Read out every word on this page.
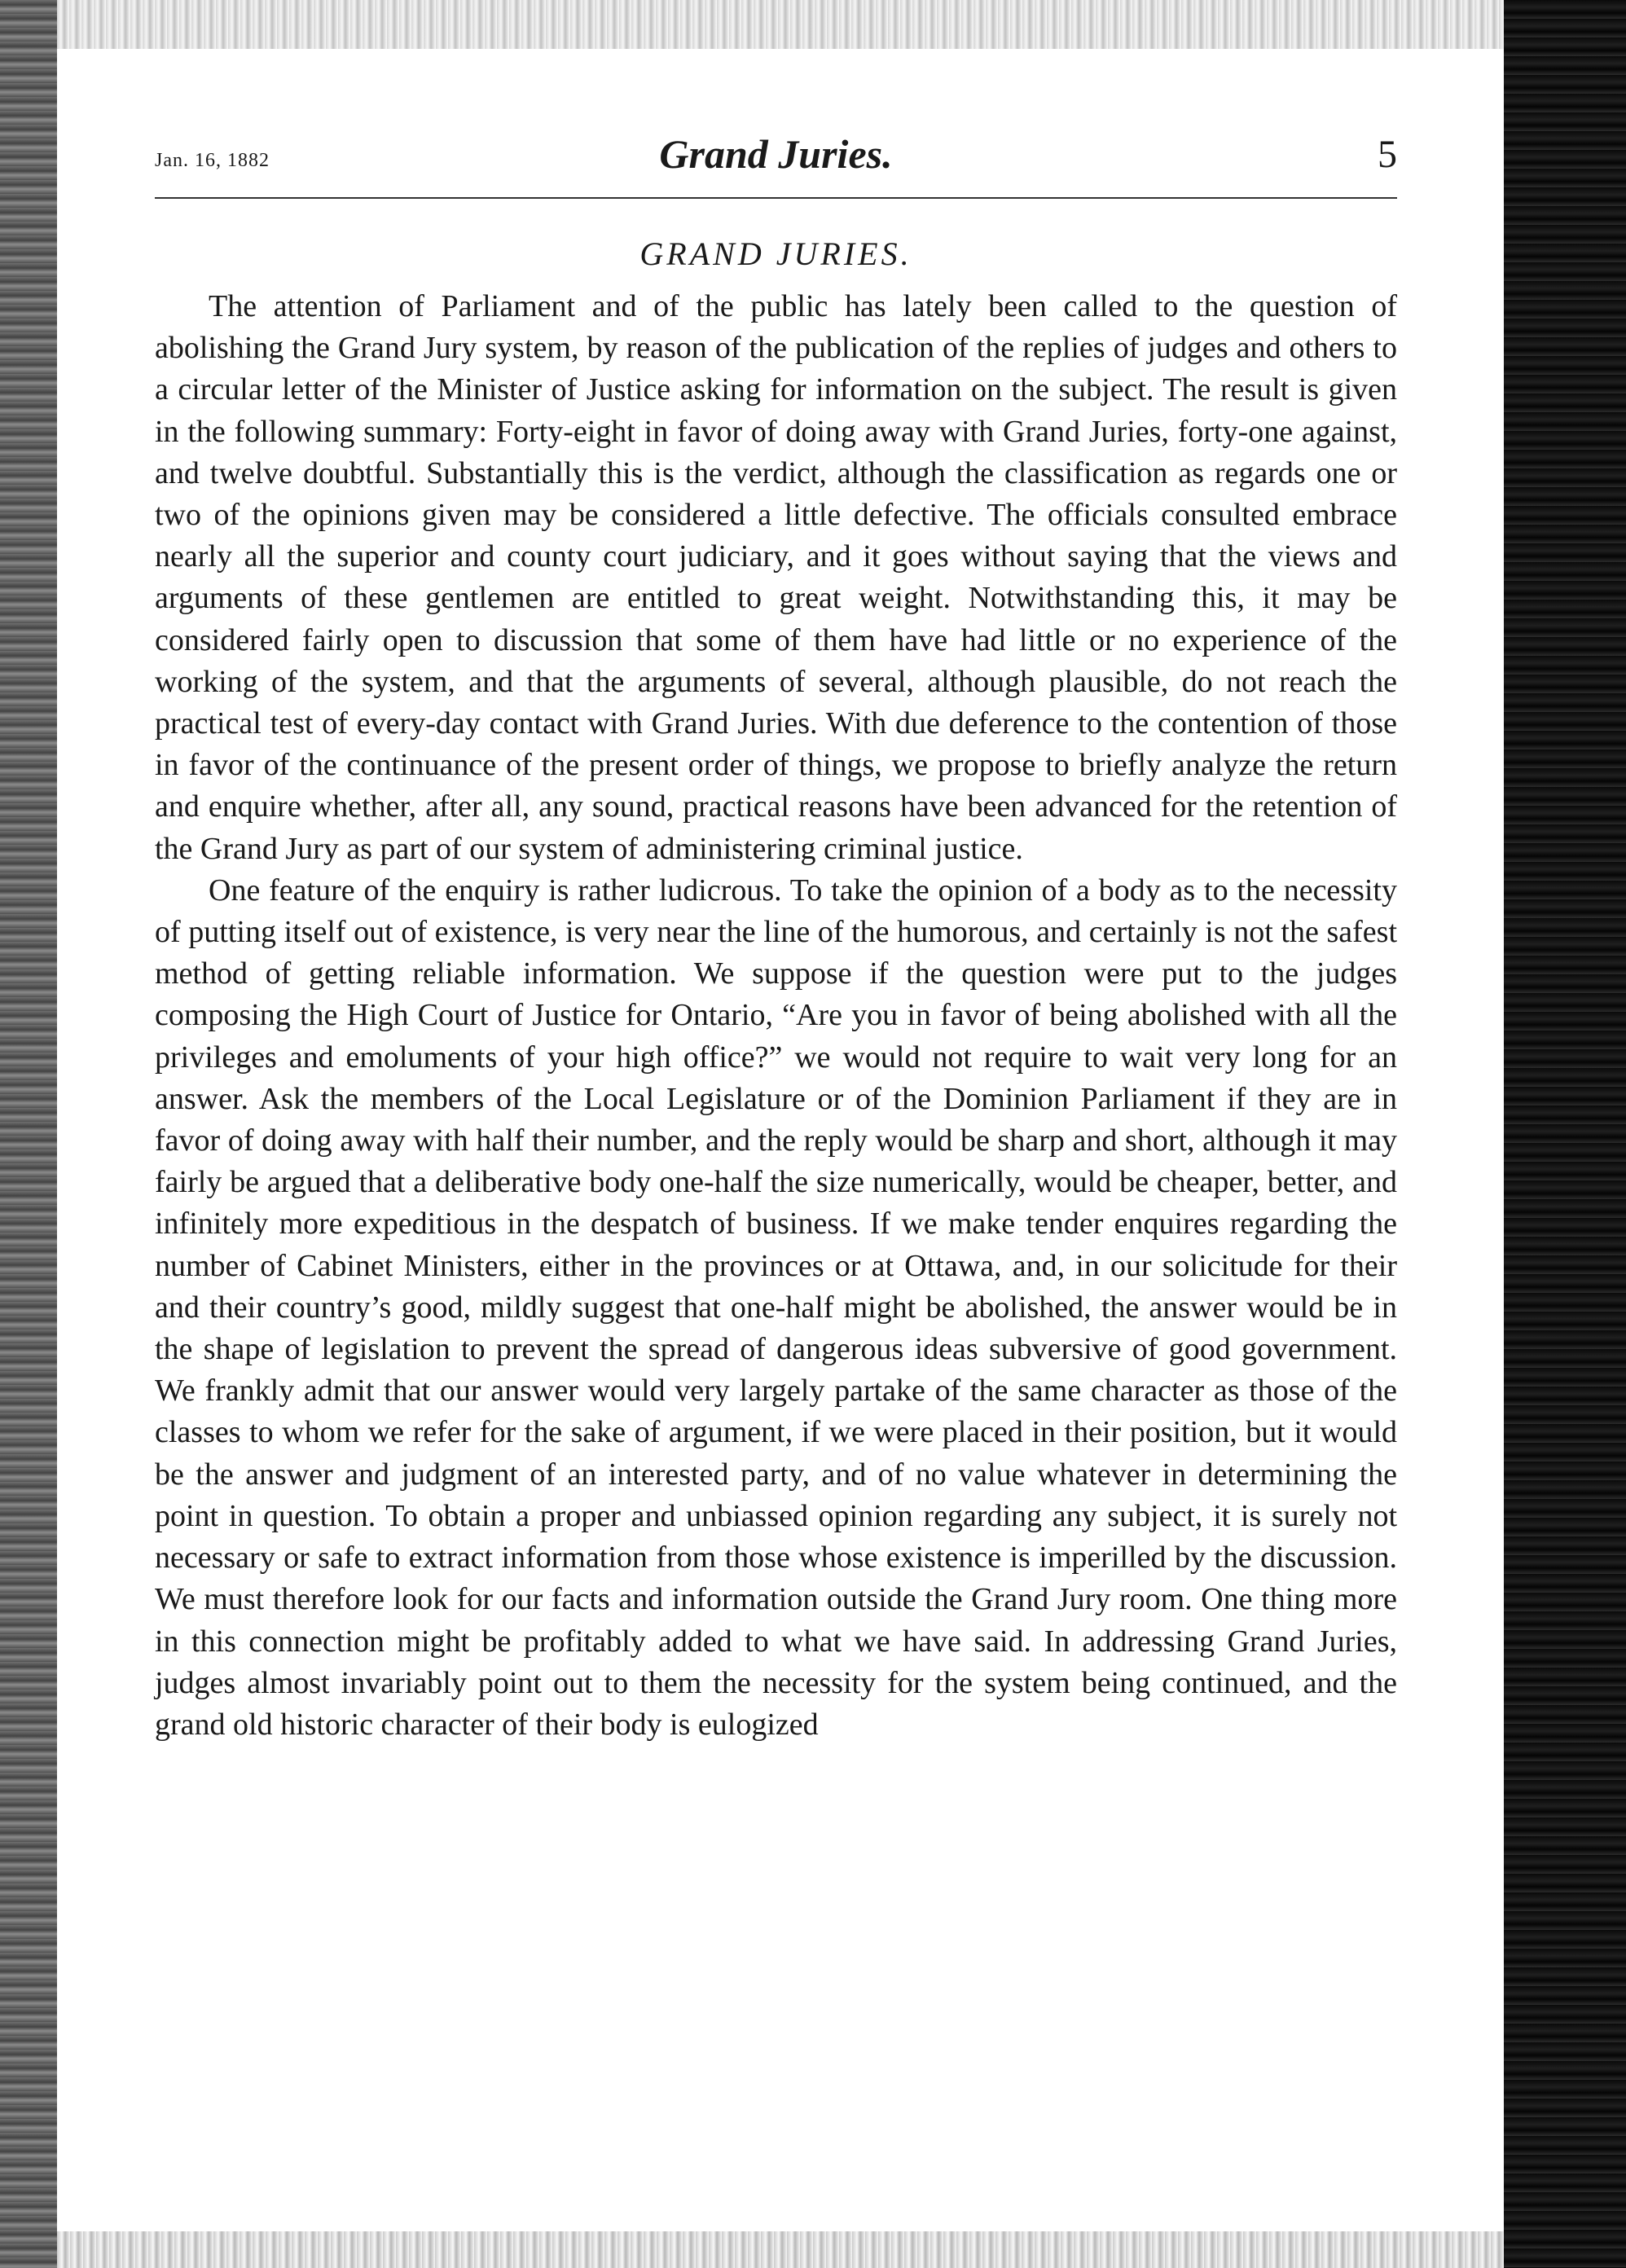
Jan. 16, 1882	Grand Juries.	5
GRAND JURIES.

The attention of Parliament and of the public has lately been called to the question of abolishing the Grand Jury system, by reason of the publication of the replies of judges and others to a circular letter of the Minister of Justice asking for information on the subject. The result is given in the following summary: Forty-eight in favor of doing away with Grand Juries, forty-one against, and twelve doubtful. Substantially this is the verdict, although the classification as regards one or two of the opinions given may be considered a little defective. The officials consulted embrace nearly all the superior and county court judiciary, and it goes without saying that the views and arguments of these gentlemen are entitled to great weight. Notwithstanding this, it may be considered fairly open to discussion that some of them have had little or no experience of the working of the system, and that the arguments of several, although plausible, do not reach the practical test of every-day contact with Grand Juries. With due deference to the contention of those in favor of the continuance of the present order of things, we propose to briefly analyze the return and enquire whether, after all, any sound, practical reasons have been advanced for the retention of the Grand Jury as part of our system of administering criminal justice.

One feature of the enquiry is rather ludicrous. To take the opinion of a body as to the necessity of putting itself out of existence, is very near the line of the humorous, and certainly is not the safest method of getting reliable information. We suppose if the question were put to the judges composing the High Court of Justice for Ontario, “Are you in favor of being abolished with all the privileges and emoluments of your high office?” we would not require to wait very long for an answer. Ask the members of the Local Legislature or of the Dominion Parliament if they are in favor of doing away with half their number, and the reply would be sharp and short, although it may fairly be argued that a deliberative body one-half the size numerically, would be cheaper, better, and infinitely more expeditious in the despatch of business. If we make tender enquires regarding the number of Cabinet Ministers, either in the provinces or at Ottawa, and, in our solicitude for their and their country’s good, mildly suggest that one-half might be abolished, the answer would be in the shape of legislation to prevent the spread of dangerous ideas subversive of good government. We frankly admit that our answer would very largely partake of the same character as those of the classes to whom we refer for the sake of argument, if we were placed in their position, but it would be the answer and judgment of an interested party, and of no value whatever in determining the point in question. To obtain a proper and unbiassed opinion regarding any subject, it is surely not necessary or safe to extract information from those whose existence is imperilled by the discussion. We must therefore look for our facts and information outside the Grand Jury room. One thing more in this connection might be profitably added to what we have said. In addressing Grand Juries, judges almost invariably point out to them the necessity for the system being continued, and the grand old historic character of their body is eulogized
